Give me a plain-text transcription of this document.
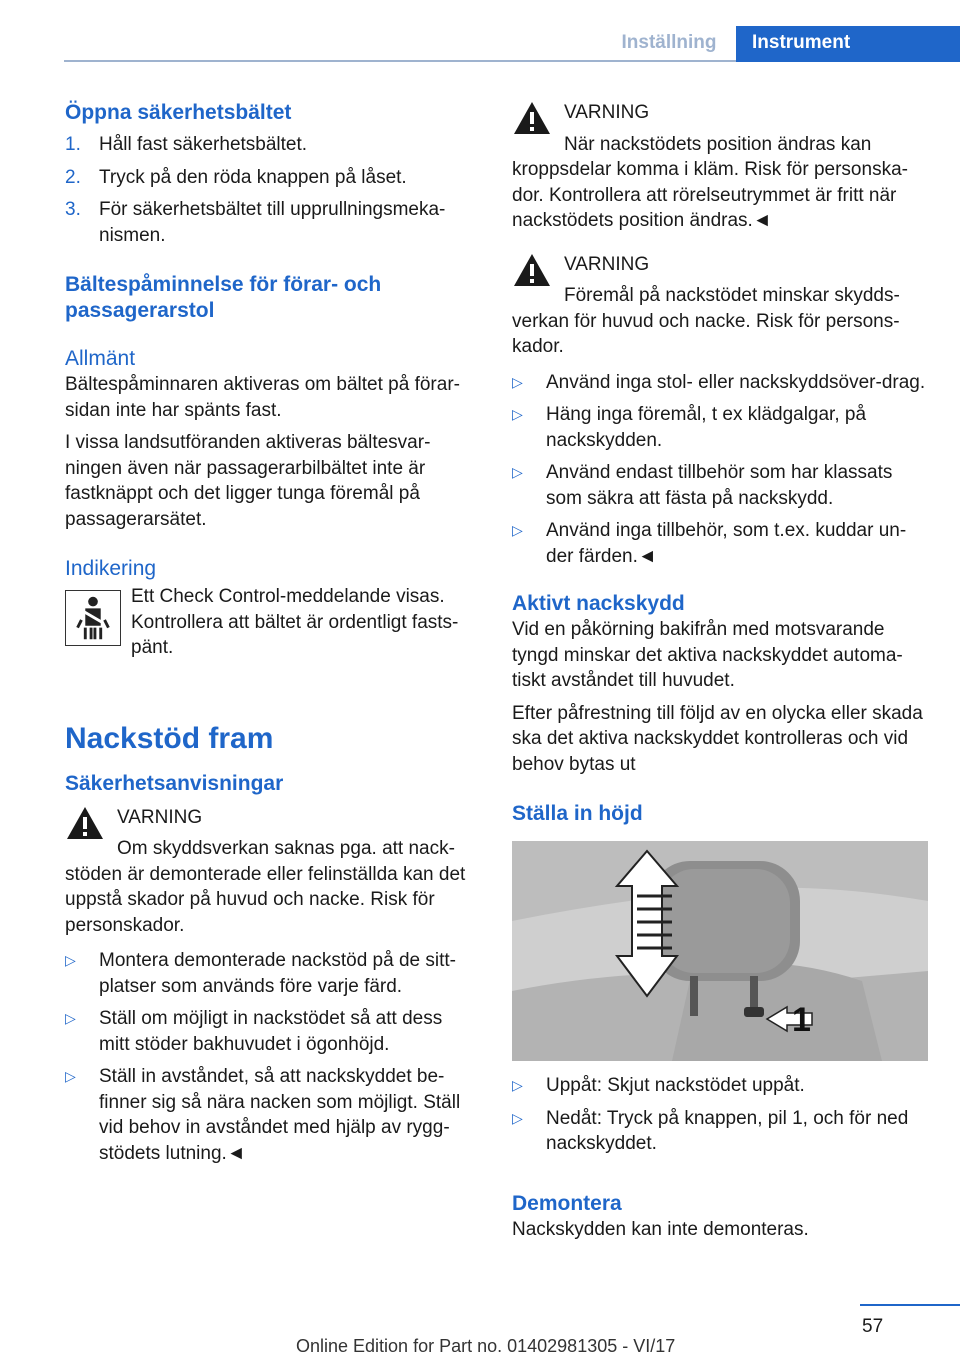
Inställning	Instrument
Öppna säkerhetsbältet
1. Håll fast säkerhetsbältet.
2. Tryck på den röda knappen på låset.
3. För säkerhetsbältet till upprullningsmeka-nismen.
Bältespåminnelse för förar- och passagerarstol
Allmänt

Bältespåminnaren aktiveras om bältet på förar-sidan inte har spänts fast.

I vissa landsutföranden aktiveras bältesvar-ningen även när passagerarbilbältet inte är fastknäppt och det ligger tunga föremål på passagerarsätet.

Indikering

Ett Check Control-meddelande visas. Kontrollera att bältet är ordentligt fasts-pänt.

Nackstöd fram
Säkerhetsanvisningar
VARNING

Om skyddsverkan saknas pga. att nack-stöden är demonterade eller felinställda kan det uppstå skador på huvud och nacke. Risk för personskador.

▷	Montera demonterade nackstöd på de sitt-platser som används före varje färd.
▷	Ställ om möjligt in nackstödet så att dess mitt stöder bakhuvudet i ögonhöjd.
▷	Ställ in avståndet, så att nackskyddet be-finner sig så nära nacken som möjligt. Ställ vid behov in avståndet med hjälp av rygg-stödets lutning.◄
VARNING

När nackstödets position ändras kan kroppsdelar komma i kläm. Risk för personska-dor. Kontrollera att rörelseutrymmet är fritt när nackstödets position ändras.◄

VARNING

Föremål på nackstödet minskar skydds-verkan för huvud och nacke. Risk för persons-kador.

▷	Använd inga stol- eller nackskyddsöver-drag.
▷	Häng inga föremål, t ex klädgalgar, på nackskydden.
▷	Använd endast tillbehör som har klassats som säkra att fästa på nackskydd.
▷	Använd inga tillbehör, som t.ex. kuddar un-der färden.◄
Aktivt nackskydd

Vid en påkörning bakifrån med motsvarande tyngd minskar det aktiva nackskyddet automa-tiskt avståndet till huvudet.

Efter påfrestning till följd av en olycka eller skada ska det aktiva nackskyddet kontrolleras och vid behov bytas ut

Ställa in höjd
1
▷	Uppåt: Skjut nackstödet uppåt.
▷	Nedåt: Tryck på knappen, pil 1, och för ned nackskyddet.
Demontera

Nackskydden kan inte demonteras.

57
Online Edition for Part no. 01402981305 - VI/17
